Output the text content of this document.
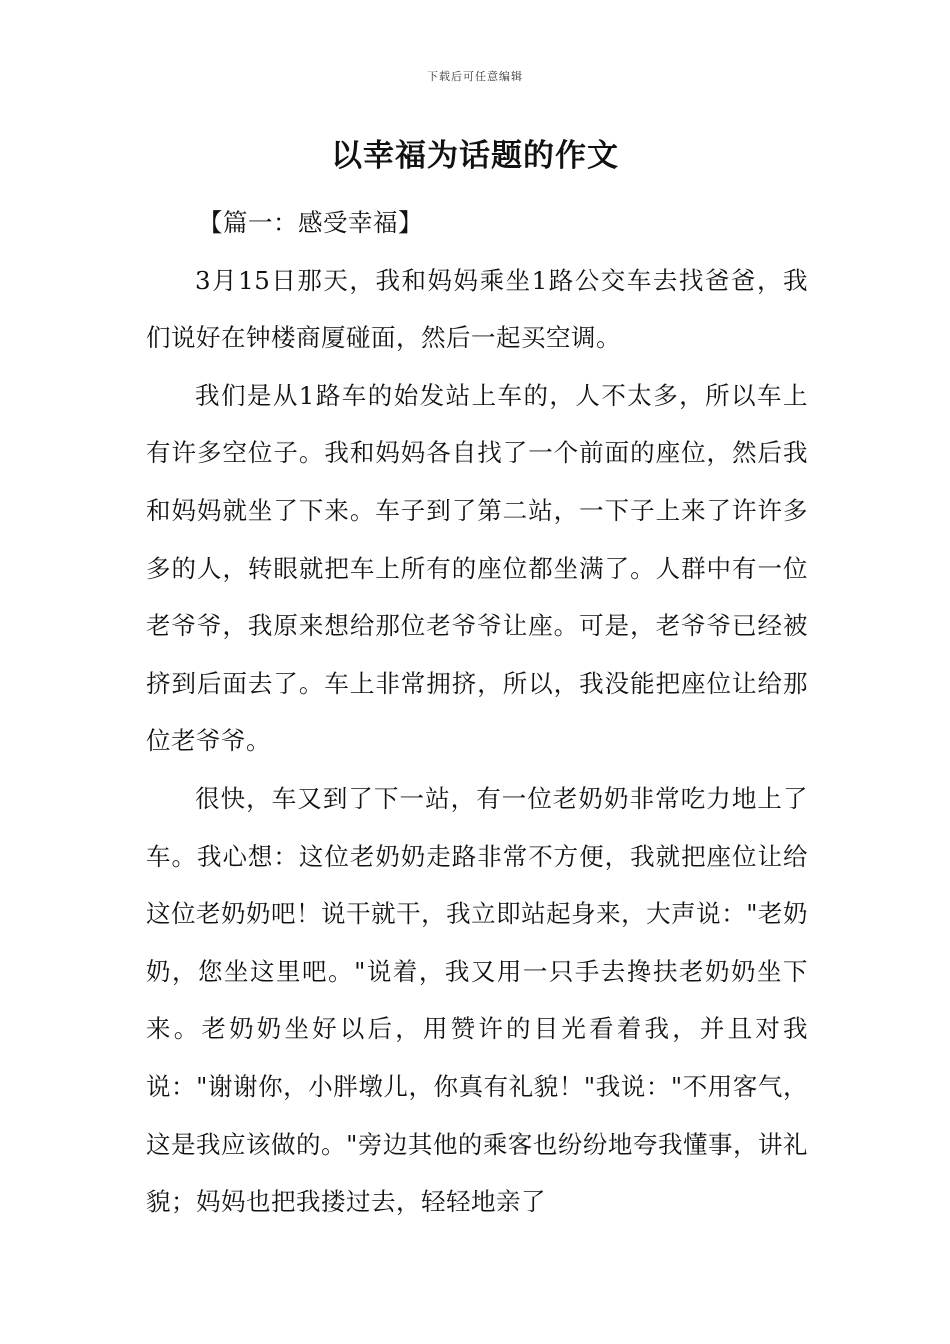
下载后可任意编辑
以幸福为话题的作文
【篇一：感受幸福】

3月15日那天，我和妈妈乘坐1路公交车去找爸爸，我们说好在钟楼商厦碰面，然后一起买空调。

我们是从1路车的始发站上车的，人不太多，所以车上有许多空位子。我和妈妈各自找了一个前面的座位，然后我和妈妈就坐了下来。车子到了第二站，一下子上来了许许多多的人，转眼就把车上所有的座位都坐满了。人群中有一位老爷爷，我原来想给那位老爷爷让座。可是，老爷爷已经被挤到后面去了。车上非常拥挤，所以，我没能把座位让给那位老爷爷。

很快，车又到了下一站，有一位老奶奶非常吃力地上了车。我心想：这位老奶奶走路非常不方便，我就把座位让给这位老奶奶吧！说干就干，我立即站起身来，大声说："老奶奶，您坐这里吧。"说着，我又用一只手去搀扶老奶奶坐下来。老奶奶坐好以后，用赞许的目光看着我，并且对我说："谢谢你，小胖墩儿，你真有礼貌！"我说："不用客气，这是我应该做的。"旁边其他的乘客也纷纷地夸我懂事，讲礼貌；妈妈也把我搂过去，轻轻地亲了
